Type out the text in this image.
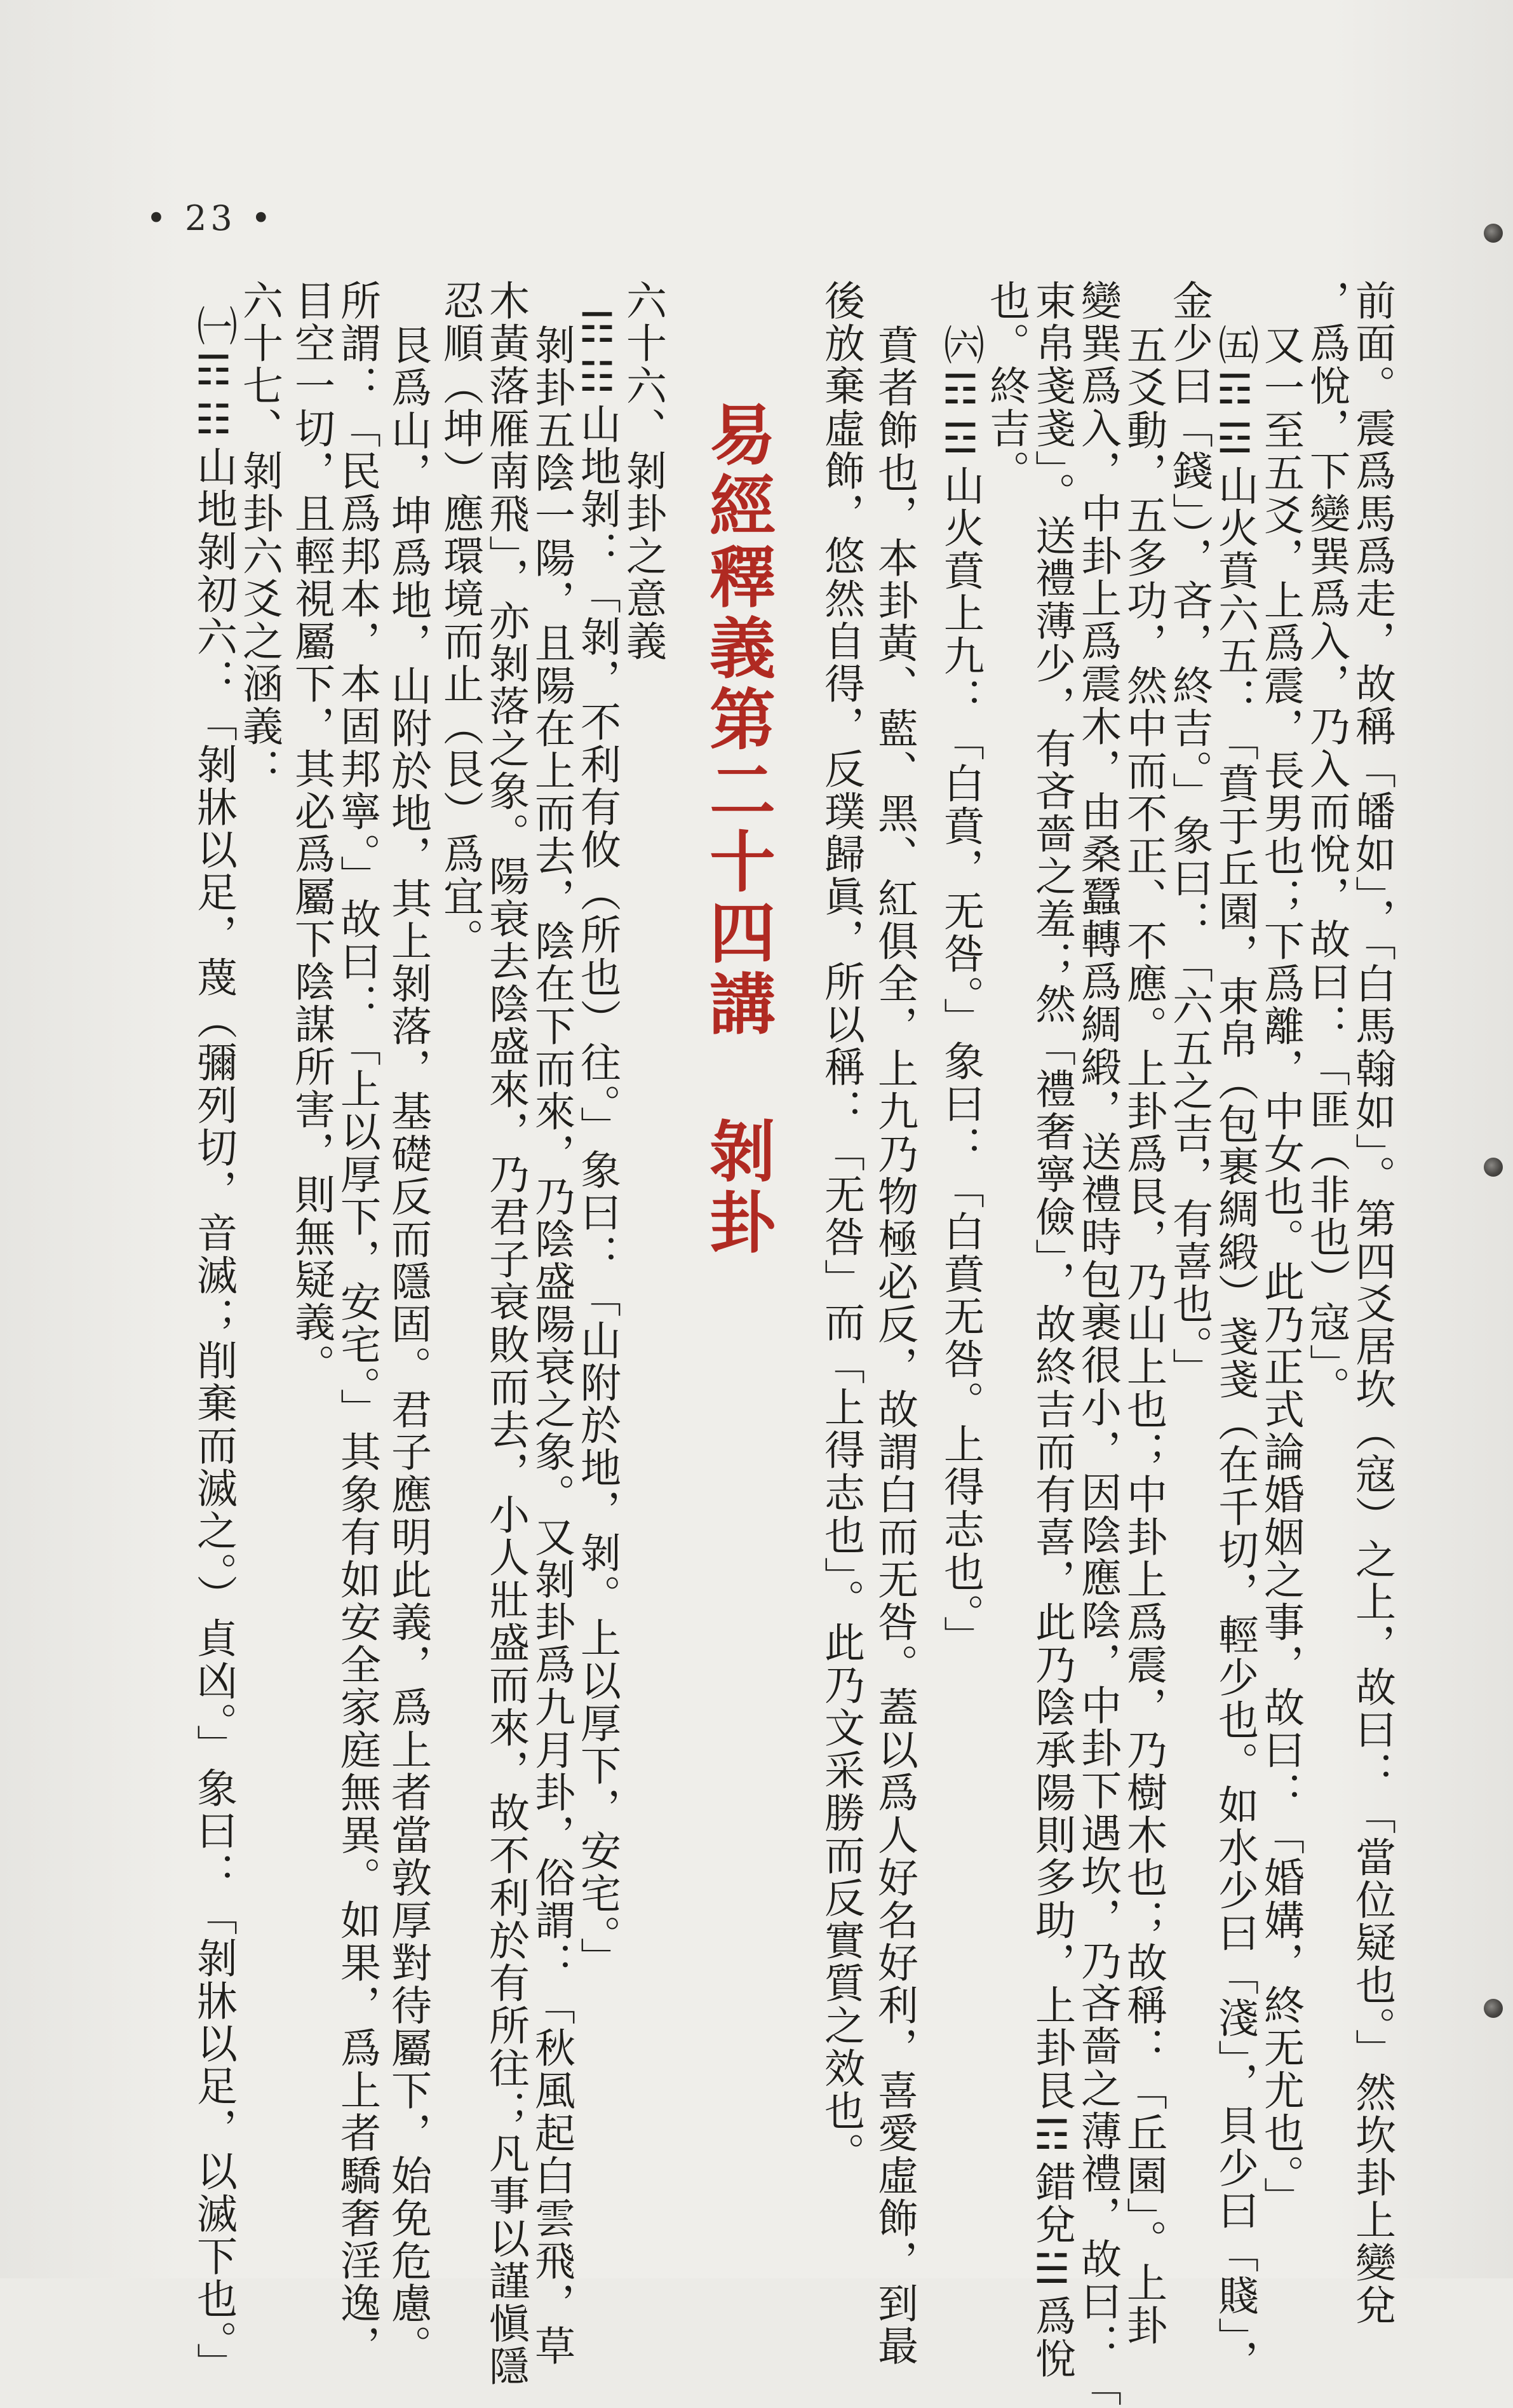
• 23 •
易經釋義第二十四講剝卦	前面。震爲馬爲走，故稱「皤如」，「白馬翰如」。第四爻居坎（寇）之上，故曰：「當位疑也。」然坎卦上變兌
，爲悅，下變巽爲入，乃入而悅，故曰：「匪（非也）寇」。
又一至五爻，上爲震，長男也；下爲離，中女也。此乃正式論婚姻之事，故曰：「婚媾，終无尤也。」
㈤☶☲山火賁六五：「賁于丘園，束帛（包裹綢緞）戔戔（在千切，輕少也。如水少曰「淺」，貝少曰「賤」，
金少曰「錢」），吝，終吉。」象曰：「六五之吉，有喜也。」
五爻動，五多功，然中而不正、不應。上卦爲艮，乃山上也；中卦上爲震，乃樹木也；故稱：「丘園」。上卦
變巽爲入，中卦上爲震木，由桑蠶轉爲綢緞，送禮時包裹很小，因陰應陰，中卦下遇坎，乃吝嗇之薄禮，故曰：「
束帛戔戔」。送禮薄少，有吝嗇之羞；然「禮奢寧儉」，故終吉而有喜，此乃陰承陽則多助，上卦艮☶錯兌☱爲悅
也。終吉。
㈥☶☲山火賁上九：「白賁，无咎。」象曰：「白賁无咎。上得志也。」
賁者飾也，本卦黃、藍、黑、紅俱全，上九乃物極必反，故謂白而无咎。蓋以爲人好名好利，喜愛虛飾，到最
後放棄虛飾，悠然自得，反璞歸眞，所以稱：「无咎」而「上得志也」。此乃文采勝而反實質之效也。
六十六、剝卦之意義
☶☷山地剝：「剝，不利有攸（所也）往。」象曰：「山附於地，剝。上以厚下，安宅。」
剝卦五陰一陽，且陽在上而去，陰在下而來，乃陰盛陽衰之象。又剝卦爲九月卦，俗謂：「秋風起白雲飛，草
木黃落雁南飛」，亦剝落之象。陽衰去陰盛來，乃君子衰敗而去，小人壯盛而來，故不利於有所往；凡事以謹愼隱
忍順（坤）應環境而止（艮）爲宜。
艮爲山，坤爲地，山附於地，其上剝落，基礎反而隱固。君子應明此義，爲上者當敦厚對待屬下，始免危慮。
所謂：「民爲邦本，本固邦寧。」故曰：「上以厚下，安宅。」其象有如安全家庭無異。如果，爲上者驕奢淫逸，
目空一切，且輕視屬下，其必爲屬下陰謀所害，則無疑義。
六十七、剝卦六爻之涵義：
㈠☶☷山地剝初六：「剝牀以足，蔑（彌列切，音滅；削棄而滅之。）貞凶。」象曰：「剝牀以足，以滅下也。」
